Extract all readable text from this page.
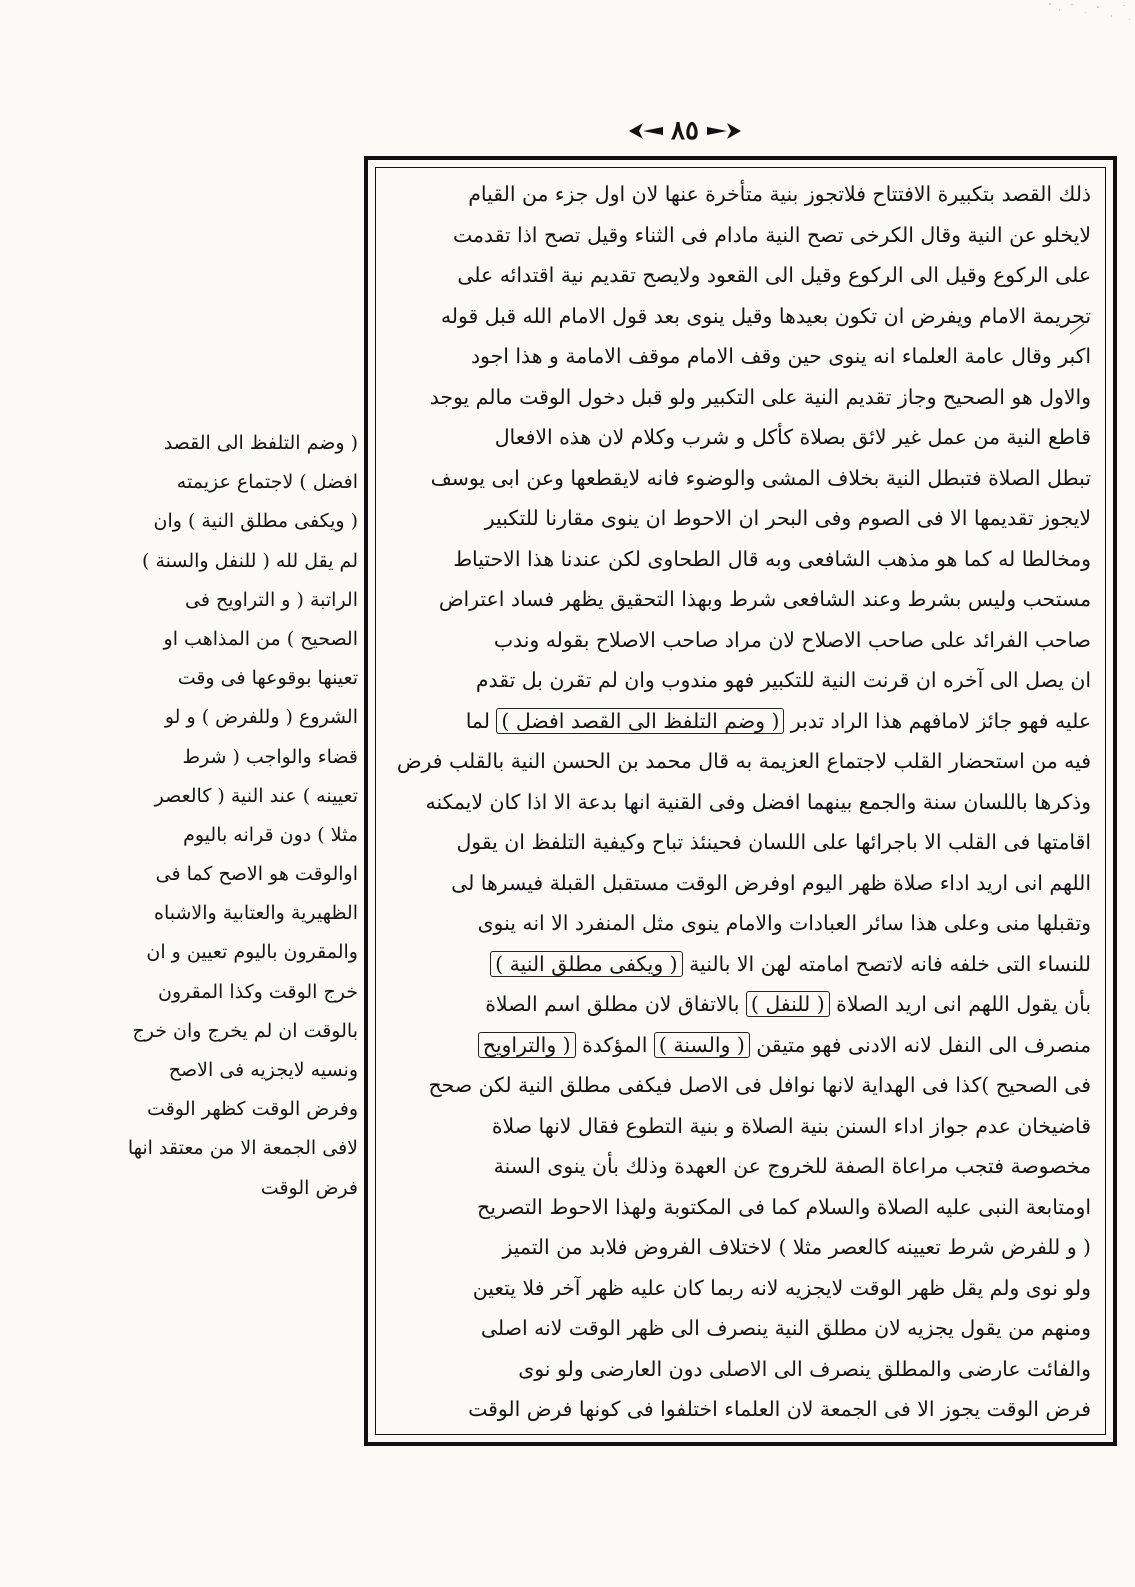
٨٥
ذلك القصد بتكبيرة الافتتاح فلاتجوز بنية متأخرة عنها لان اول جزء من القيام
لايخلو عن النية وقال الكرخى تصح النية مادام فى الثناء وقيل تصح اذا تقدمت
على الركوع وقيل الى الركوع وقيل الى القعود ولايصح تقديم نية اقتدائه على
تحريمة الامام ويفرض ان تكون بعيدها وقيل ينوى بعد قول الامام الله قبل قوله
اكبر وقال عامة العلماء انه ينوى حين وقف الامام موقف الامامة و هذا اجود
والاول هو الصحيح وجاز تقديم النية على التكبير ولو قبل دخول الوقت مالم يوجد
قاطع النية من عمل غير لائق بصلاة كأكل و شرب وكلام لان هذه الافعال
تبطل الصلاة فتبطل النية بخلاف المشى والوضوء فانه لايقطعها وعن ابى يوسف
لايجوز تقديمها الا فى الصوم وفى البحر ان الاحوط ان ينوى مقارنا للتكبير
ومخالطا له كما هو مذهب الشافعى وبه قال الطحاوى لكن عندنا هذا الاحتياط
مستحب وليس بشرط وعند الشافعى شرط وبهذا التحقيق يظهر فساد اعتراض
صاحب الفرائد على صاحب الاصلاح لان مراد صاحب الاصلاح بقوله وندب
ان يصل الى آخره ان قرنت النية للتكبير فهو مندوب وان لم تقرن بل تقدم
عليه فهو جائز لامافهم هذا الراد تدبر ( وضم التلفظ الى القصد افضل ) لما
فيه من استحضار القلب لاجتماع العزيمة به قال محمد بن الحسن النية بالقلب فرض
وذكرها باللسان سنة والجمع بينهما افضل وفى القنية انها بدعة الا اذا كان لايمكنه
اقامتها فى القلب الا باجرائها على اللسان فحينئذ تباح وكيفية التلفظ ان يقول
اللهم انى اريد اداء صلاة ظهر اليوم اوفرض الوقت مستقبل القبلة فيسرها لى
وتقبلها منى وعلى هذا سائر العبادات والامام ينوى مثل المنفرد الا انه ينوى
للنساء التى خلفه فانه لاتصح امامته لهن الا بالنية ( ويكفى مطلق النية )
بأن يقول اللهم انى اريد الصلاة ( للنفل ) بالاتفاق لان مطلق اسم الصلاة
منصرف الى النفل لانه الادنى فهو متيقن ( والسنة ) المؤكدة ( والتراويح
فى الصحيح )كذا فى الهداية لانها نوافل فى الاصل فيكفى مطلق النية لكن صحح
قاضيخان عدم جواز اداء السنن بنية الصلاة و بنية التطوع فقال لانها صلاة
مخصوصة فتجب مراعاة الصفة للخروج عن العهدة وذلك بأن ينوى السنة
اومتابعة النبى عليه الصلاة والسلام كما فى المكتوبة ولهذا الاحوط التصريح
( و للفرض شرط تعيينه كالعصر مثلا ) لاختلاف الفروض فلابد من التميز
ولو نوى ولم يقل ظهر الوقت لايجزيه لانه ربما كان عليه ظهر آخر فلا يتعين
ومنهم من يقول يجزيه لان مطلق النية ينصرف الى ظهر الوقت لانه اصلى
والفائت عارضى والمطلق ينصرف الى الاصلى دون العارضى ولو نوى
فرض الوقت يجوز الا فى الجمعة لان العلماء اختلفوا فى كونها فرض الوقت
( وضم التلفظ الى القصد
افضل ) لاجتماع عزيمته
( ويكفى مطلق النية ) وان
لم يقل لله ( للنفل والسنة )
الراتبة ( و التراويح فى
الصحيح ) من المذاهب او
تعينها بوقوعها فى وقت
الشروع ( وللفرض ) و لو
قضاء والواجب ( شرط
تعيينه ) عند النية ( كالعصر
مثلا ) دون قرانه باليوم
اوالوقت هو الاصح كما فى
الظهيرية والعتابية والاشباه
والمقرون باليوم تعيين و ان
خرج الوقت وكذا المقرون
بالوقت ان لم يخرج وان خرج
ونسيه لايجزيه فى الاصح
وفرض الوقت كظهر الوقت
لافى الجمعة الا من معتقد انها
فرض الوقت
